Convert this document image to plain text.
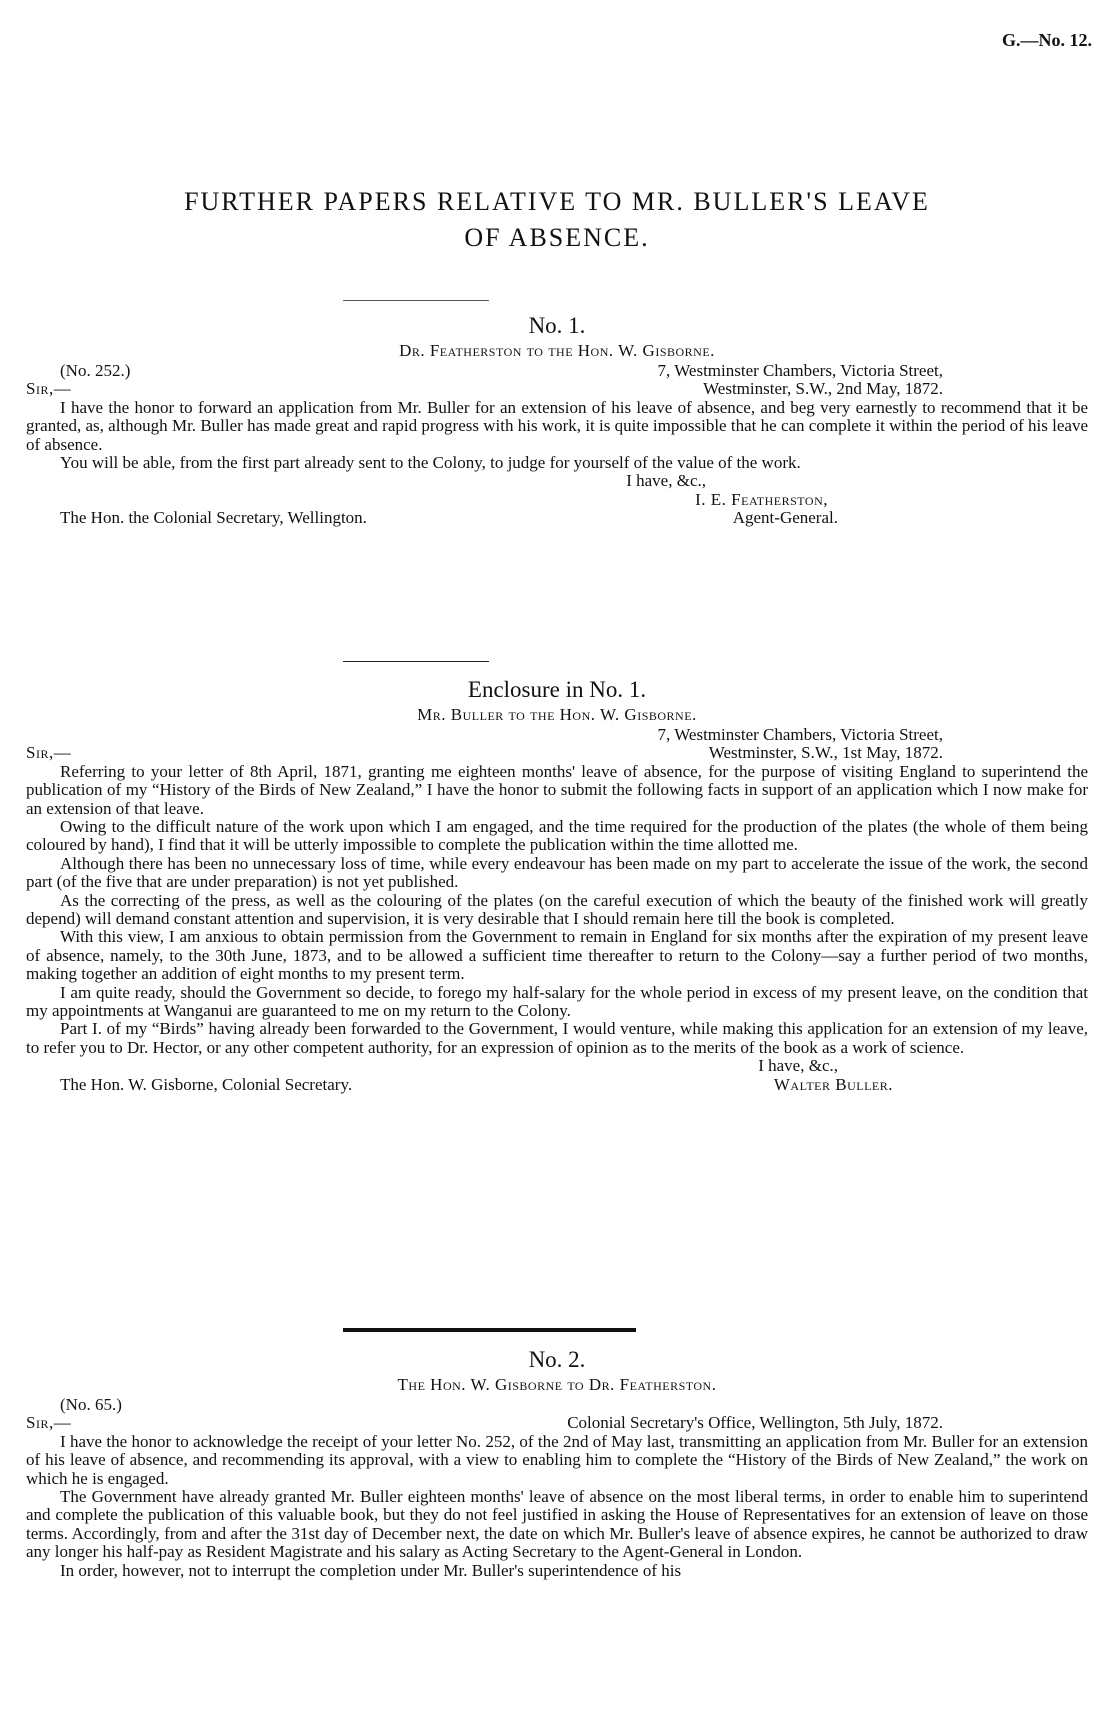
G.—No. 12.
FURTHER PAPERS RELATIVE TO MR. BULLER'S LEAVE
OF ABSENCE.
No. 1.
Dr. Featherston to the Hon. W. Gisborne.
(No. 252.)	7, Westminster Chambers, Victoria Street,
Sir,—	Westminster, S.W., 2nd May, 1872.

I have the honor to forward an application from Mr. Buller for an extension of his leave of absence, and beg very earnestly to recommend that it be granted, as, although Mr. Buller has made great and rapid progress with his work, it is quite impossible that he can complete it within the period of his leave of absence.

You will be able, from the first part already sent to the Colony, to judge for yourself of the value of the work.

I have, &c.,
I. E. Featherston,
The Hon. the Colonial Secretary, Wellington.	Agent-General.
Enclosure in No. 1.
Mr. Buller to the Hon. W. Gisborne.
7, Westminster Chambers, Victoria Street,
Sir,—	Westminster, S.W., 1st May, 1872.

Referring to your letter of 8th April, 1871, granting me eighteen months' leave of absence, for the purpose of visiting England to superintend the publication of my “History of the Birds of New Zealand,” I have the honor to submit the following facts in support of an application which I now make for an extension of that leave.

Owing to the difficult nature of the work upon which I am engaged, and the time required for the production of the plates (the whole of them being coloured by hand), I find that it will be utterly impossible to complete the publication within the time allotted me.

Although there has been no unnecessary loss of time, while every endeavour has been made on my part to accelerate the issue of the work, the second part (of the five that are under preparation) is not yet published.

As the correcting of the press, as well as the colouring of the plates (on the careful execution of which the beauty of the finished work will greatly depend) will demand constant attention and supervision, it is very desirable that I should remain here till the book is completed.

With this view, I am anxious to obtain permission from the Government to remain in England for six months after the expiration of my present leave of absence, namely, to the 30th June, 1873, and to be allowed a sufficient time thereafter to return to the Colony—say a further period of two months, making together an addition of eight months to my present term.

I am quite ready, should the Government so decide, to forego my half-salary for the whole period in excess of my present leave, on the condition that my appointments at Wanganui are guaranteed to me on my return to the Colony.

Part I. of my “Birds” having already been forwarded to the Government, I would venture, while making this application for an extension of my leave, to refer you to Dr. Hector, or any other competent authority, for an expression of opinion as to the merits of the book as a work of science.

I have, &c.,
The Hon. W. Gisborne, Colonial Secretary.	Walter Buller.
No. 2.
The Hon. W. Gisborne to Dr. Featherston.
(No. 65.)
Sir,—	Colonial Secretary's Office, Wellington, 5th July, 1872.

I have the honor to acknowledge the receipt of your letter No. 252, of the 2nd of May last, transmitting an application from Mr. Buller for an extension of his leave of absence, and recommending its approval, with a view to enabling him to complete the “History of the Birds of New Zealand,” the work on which he is engaged.

The Government have already granted Mr. Buller eighteen months' leave of absence on the most liberal terms, in order to enable him to superintend and complete the publication of this valuable book, but they do not feel justified in asking the House of Representatives for an extension of leave on those terms. Accordingly, from and after the 31st day of December next, the date on which Mr. Buller's leave of absence expires, he cannot be authorized to draw any longer his half-pay as Resident Magistrate and his salary as Acting Secretary to the Agent-General in London.

In order, however, not to interrupt the completion under Mr. Buller's superintendence of his
